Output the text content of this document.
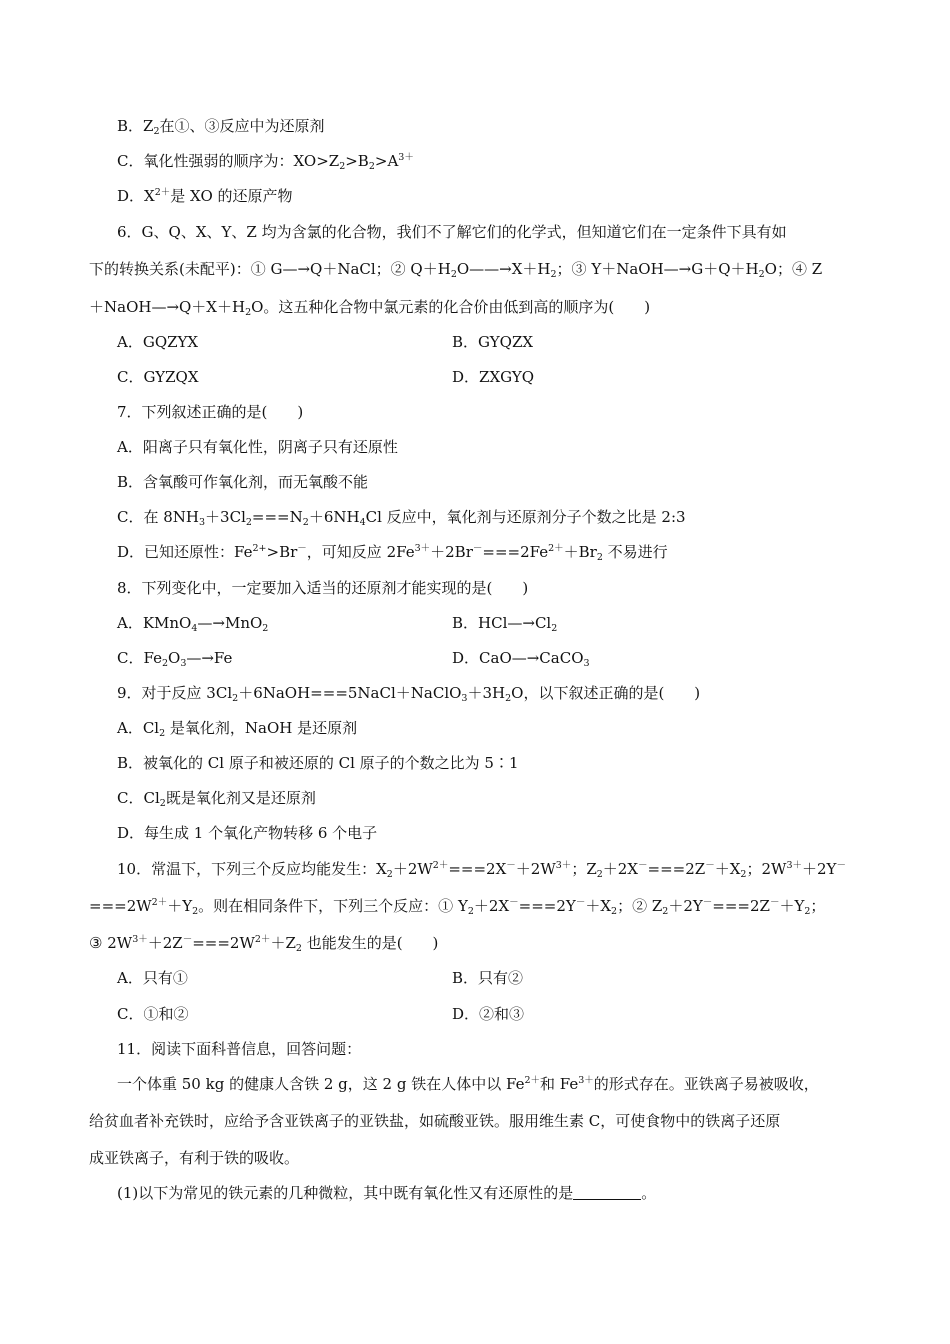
B．$Z_2$在①、③反应中为还原剂
C．氧化性强弱的顺序为：$XO>Z_2>B_2>A^{3+}$
D．$X^{2+}$是 XO 的还原产物
6．G、Q、X、Y、Z 均为含氯的化合物，我们不了解它们的化学式，但知道它们在一定条件下具有如
下的转换关系(未配平)：① G—→Q＋NaCl；② $Q+H_2O——\to X+H_2$；③ $Y+NaOH—\to G+Q+H_2O$；④ Z
$+NaOH—\to Q+X+H_2O$。这五种化合物中氯元素的化合价由低到高的顺序为(　　)
A．GQZYX	B．GYQZX
C．GYZQX	D．ZXGYQ
7．下列叙述正确的是(　　)
A．阳离子只有氧化性，阴离子只有还原性
B．含氧酸可作氧化剂，而无氧酸不能
C．在 $8NH_3+3Cl_2===N_2+6NH_4Cl$ 反应中，氧化剂与还原剂分子个数之比是 2:3
D．已知还原性：$Fe^{2+}>Br^-$，可知反应 $2Fe^{3+}+2Br^-===2Fe^{2+}+Br_2$ 不易进行
8．下列变化中，一定要加入适当的还原剂才能实现的是(　　)
A．KMnO$_4$—→MnO$_2$	B．$HCl—\to Cl_2$
C．$Fe_2O_3—\to Fe$	D．CaO—→CaCO$_3$
9．对于反应 $3Cl_2+6NaOH===5NaCl+NaClO_3+3H_2O$，以下叙述正确的是(　　)
A．$Cl_2$ 是氧化剂，NaOH 是还原剂
B．被氧化的 Cl 原子和被还原的 Cl 原子的个数之比为 5∶1
C．$Cl_2$既是氧化剂又是还原剂
D．每生成 1 个氧化产物转移 6 个电子
10．常温下，下列三个反应均能发生：$X_2+2W^{2+}===2X^-+2W^{3+}$；$Z_2+2X^-===2Z^-+X_2$；$2W^{3+}+2Y^-$
$===2W^{2+}+Y_2$。则在相同条件下，下列三个反应：① $Y_2+2X^-===2Y^-+X_2$；② $Z_2+2Y^-===2Z^-+Y_2$；
③ $2W^{3+}+2Z^-===2W^{2+}+Z_2$ 也能发生的是(　　)
A．只有①	B．只有②
C．①和②	D．②和③
11．阅读下面科普信息，回答问题：
一个体重 50 kg 的健康人含铁 2 g，这 2 g 铁在人体中以 $Fe^{2+}$和 $Fe^{3+}$的形式存在。亚铁离子易被吸收，
给贫血者补充铁时，应给予含亚铁离子的亚铁盐，如硫酸亚铁。服用维生素 C，可使食物中的铁离子还原
成亚铁离子，有利于铁的吸收。
(1)以下为常见的铁元素的几种微粒，其中既有氧化性又有还原性的是	。
